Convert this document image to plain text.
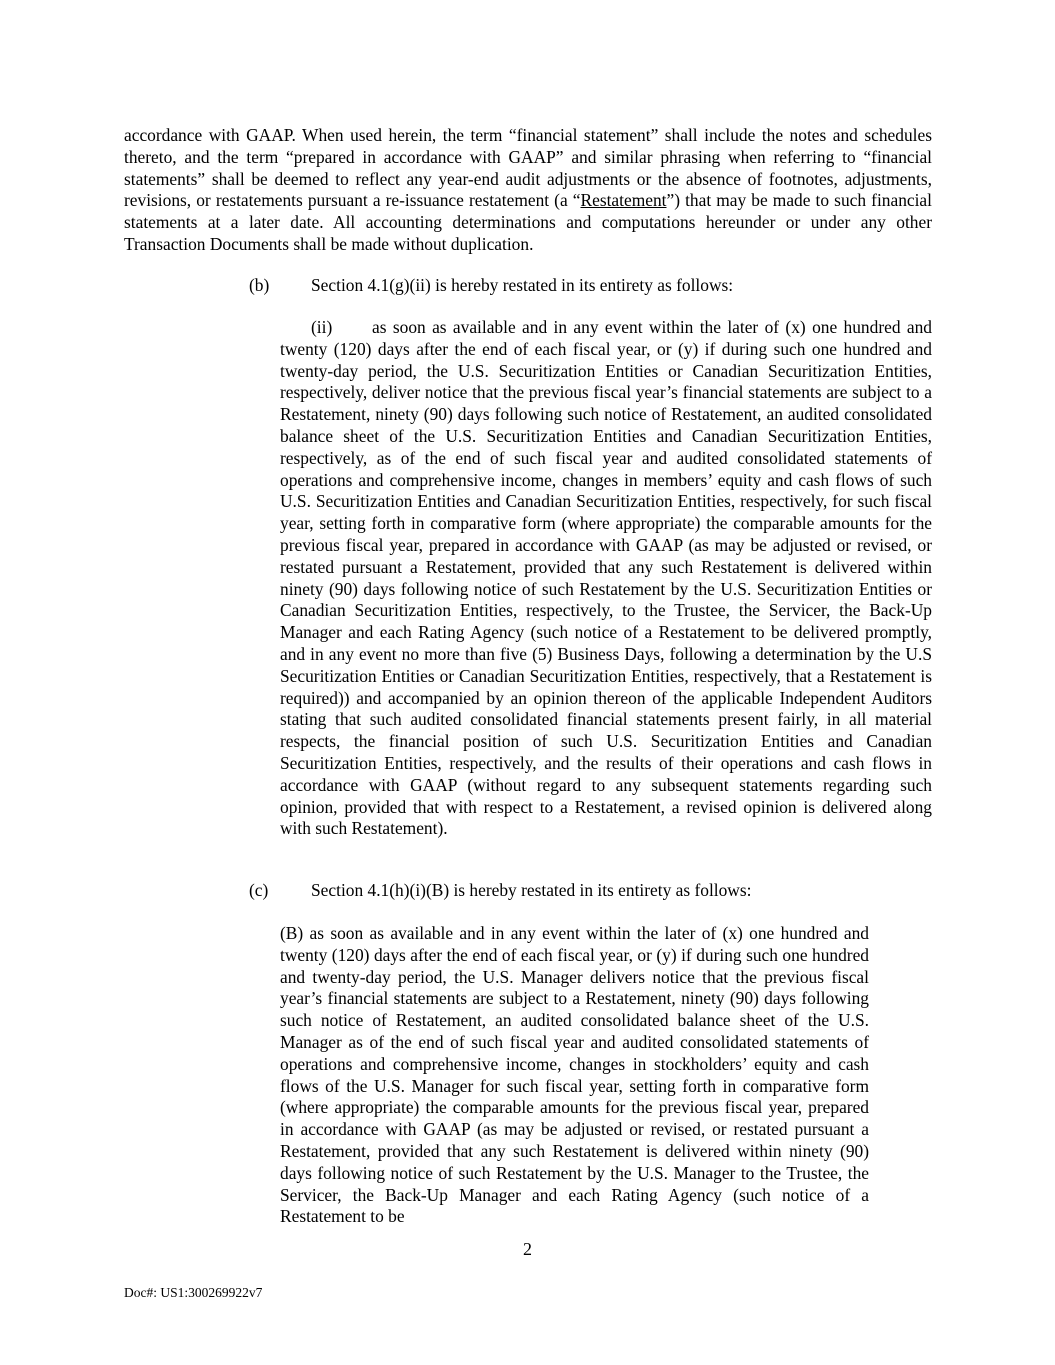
accordance with GAAP. When used herein, the term “financial statement” shall include the notes and schedules thereto, and the term “prepared in accordance with GAAP” and similar phrasing when referring to “financial statements” shall be deemed to reflect any year-end audit adjustments or the absence of footnotes, adjustments, revisions, or restatements pursuant a re-issuance restatement (a “Restatement”) that may be made to such financial statements at a later date. All accounting determinations and computations hereunder or under any other Transaction Documents shall be made without duplication.

(b) Section 4.1(g)(ii) is hereby restated in its entirety as follows:

(ii) as soon as available and in any event within the later of (x) one hundred and twenty (120) days after the end of each fiscal year, or (y) if during such one hundred and twenty-day period, the U.S. Securitization Entities or Canadian Securitization Entities, respectively, deliver notice that the previous fiscal year’s financial statements are subject to a Restatement, ninety (90) days following such notice of Restatement, an audited consolidated balance sheet of the U.S. Securitization Entities and Canadian Securitization Entities, respectively, as of the end of such fiscal year and audited consolidated statements of operations and comprehensive income, changes in members’ equity and cash flows of such U.S. Securitization Entities and Canadian Securitization Entities, respectively, for such fiscal year, setting forth in comparative form (where appropriate) the comparable amounts for the previous fiscal year, prepared in accordance with GAAP (as may be adjusted or revised, or restated pursuant a Restatement, provided that any such Restatement is delivered within ninety (90) days following notice of such Restatement by the U.S. Securitization Entities or Canadian Securitization Entities, respectively, to the Trustee, the Servicer, the Back-Up Manager and each Rating Agency (such notice of a Restatement to be delivered promptly, and in any event no more than five (5) Business Days, following a determination by the U.S Securitization Entities or Canadian Securitization Entities, respectively, that a Restatement is required)) and accompanied by an opinion thereon of the applicable Independent Auditors stating that such audited consolidated financial statements present fairly, in all material respects, the financial position of such U.S. Securitization Entities and Canadian Securitization Entities, respectively, and the results of their operations and cash flows in accordance with GAAP (without regard to any subsequent statements regarding such opinion, provided that with respect to a Restatement, a revised opinion is delivered along with such Restatement).

(c) Section 4.1(h)(i)(B) is hereby restated in its entirety as follows:

(B) as soon as available and in any event within the later of (x) one hundred and twenty (120) days after the end of each fiscal year, or (y) if during such one hundred and twenty-day period, the U.S. Manager delivers notice that the previous fiscal year’s financial statements are subject to a Restatement, ninety (90) days following such notice of Restatement, an audited consolidated balance sheet of the U.S. Manager as of the end of such fiscal year and audited consolidated statements of operations and comprehensive income, changes in stockholders’ equity and cash flows of the U.S. Manager for such fiscal year, setting forth in comparative form (where appropriate) the comparable amounts for the previous fiscal year, prepared in accordance with GAAP (as may be adjusted or revised, or restated pursuant a Restatement, provided that any such Restatement is delivered within ninety (90) days following notice of such Restatement by the U.S. Manager to the Trustee, the Servicer, the Back-Up Manager and each Rating Agency (such notice of a Restatement to be

2
Doc#: US1:300269922v7
